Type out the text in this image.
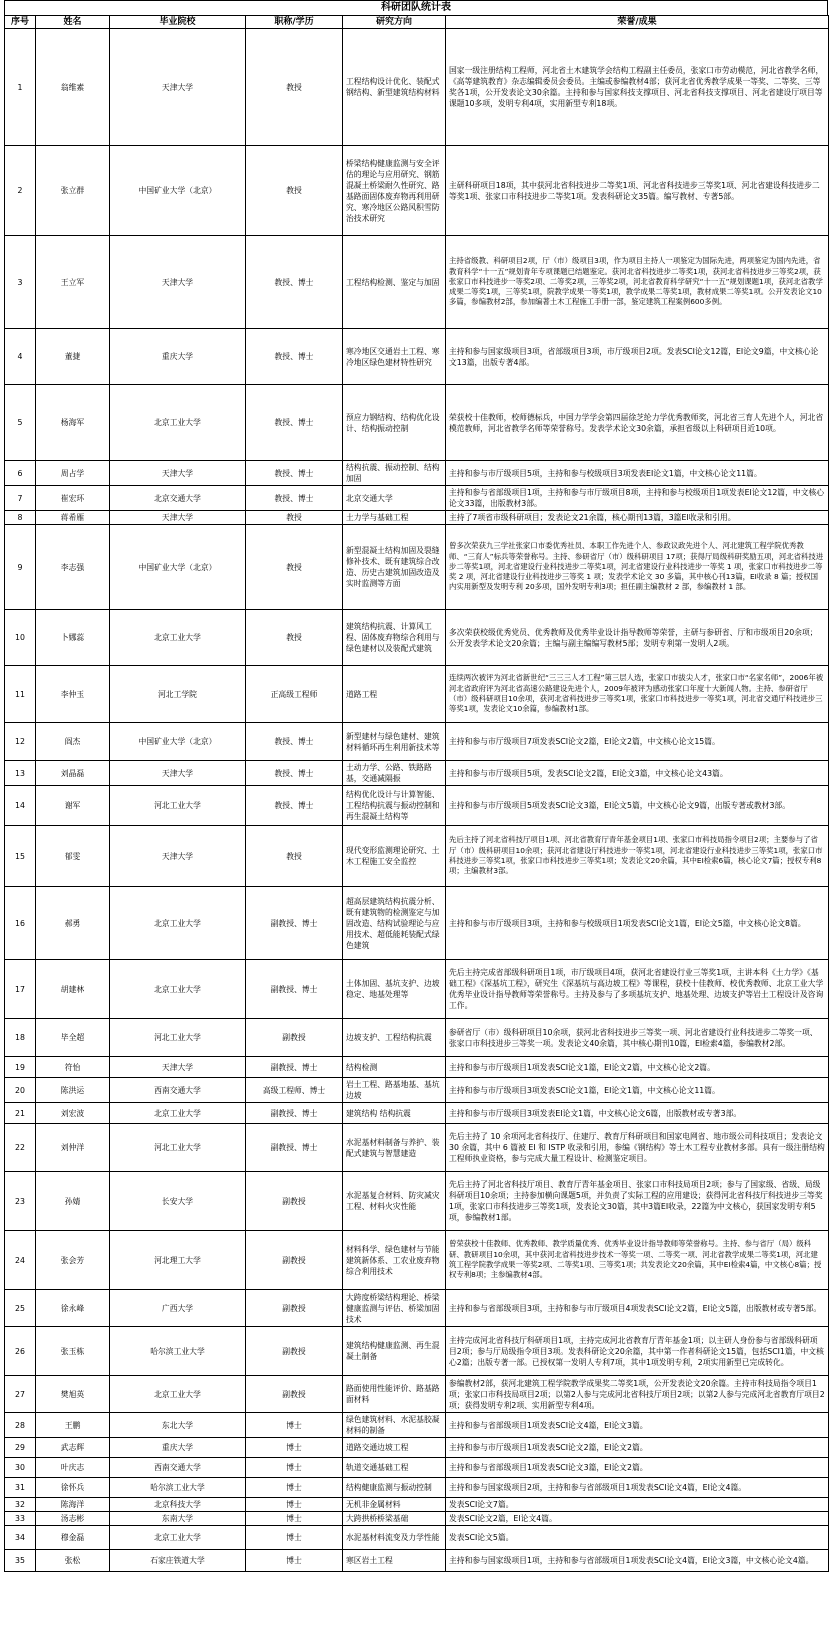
科研团队统计表
序号	姓名	毕业院校	职称/学历	研究方向	荣誉/成果
1	翁维素	天津大学	教授	工程结构设计优化、装配式钢结构、新型建筑结构材料	国家一级注册结构工程师，河北省土木建筑学会结构工程副主任委员，张家口市劳动模范，河北省教学名师，《高等建筑教育》杂志编辑委员会委员。主编或参编教材4部；获河北省优秀教学成果一等奖、二等奖、三等奖各1项，公开发表论文30余篇。主持和参与国家科技支撑项目、河北省科技支撑项目、河北省建设厅项目等课题10多项，发明专利4项，实用新型专利18项。
2	张立群	中国矿业大学（北京）	教授	桥梁结构健康监测与安全评估的理论与应用研究、钢筋混凝土桥梁耐久性研究、路基路面固体废弃物再利用研究、寒冷地区公路风积雪防治技术研究	主研科研项目18项，其中获河北省科技进步二等奖1项、河北省科技进步三等奖1项、河北省建设科技进步二等奖1项、张家口市科技进步二等奖1项。发表科研论文35篇。编写教材、专著5部。
3	王立军	天津大学	教授、博士	工程结构检测、鉴定与加固	主持省级教、科研项目2项，厅（市）级项目3项，作为项目主持人一项鉴定为国际先进，两项鉴定为国内先进，省教育科学“十一五”规划青年专项课题已结题鉴定。获河北省科技进步二等奖1项，获河北省科技进步三等奖2项，获张家口市科技进步一等奖2项、二等奖2项，三等奖2项，河北省教育科学研究“十一五”规划课题1项，获河北省教学成果二等奖1项，三等奖1项，院教学成果一等奖1项，教学成果二等奖1项，教材成果二等奖1项。公开发表论文10多篇，参编教材2部，参加编著土木工程施工手册一部，鉴定建筑工程案例600多例。
4	董捷	重庆大学	教授、博士	寒冷地区交通岩土工程、寒冷地区绿色建材特性研究	主持和参与国家级项目3项，省部级项目3项，市厅级项目2项。发表SCI论文12篇，EI论文9篇，中文核心论文13篇，出版专著4部。
5	杨海军	北京工业大学	教授、博士	预应力钢结构、结构优化设计、结构振动控制	荣获校十佳教师，校师德标兵，中国力学学会第四届徐芝纶力学优秀教师奖，河北省三育人先进个人，河北省模范教师，河北省教学名师等荣誉称号。发表学术论文30余篇，承担省级以上科研项目近10项。
6	周占学	天津大学	教授、博士	结构抗震、振动控制、结构加固	主持和参与市厅级项目5项，主持和参与校级项目3项发表EI论文1篇，中文核心论文11篇。
7	崔宏环	北京交通大学	教授、博士	北京交通大学	主持和参与省部级项目1项，主持和参与市厅级项目8项，主持和参与校级项目1项发表EI论文12篇，中文核心论文33篇，出版教材3部。
8	蒋希雁	天津大学	教授	土力学与基础工程	主持了7项省市级科研项目；发表论文21余篇，核心期刊13篇，3篇EI收录和引用。
9	李志强	中国矿业大学（北京）	教授	新型混凝土结构加固及裂缝修补技术、既有建筑综合改造、历史古建筑加固改造及实时监测等方面	曾多次荣获九三学社张家口市委优秀社员、本职工作先进个人、参政议政先进个人、河北建筑工程学院优秀教师、“三育人”标兵等荣誉称号。主持、参研省厅（市）级科研项目 17项；获得厅局级科研奖励五项，河北省科技进步二等奖1项，河北省建设行业科技进步二等奖1项，河北省建设行业科技进步一等奖 1 项，张家口市科技进步二等奖 2 项，河北省建设行业科技进步三等奖 1 项；发表学术论文 30 多篇，其中核心刊13篇，EI收录 8 篇；授权国内实用新型及发明专利 20多项，国外发明专利3项；担任副主编教材 2 部，参编教材 1 部。
10	卜娜蕊	北京工业大学	教授	建筑结构抗震、计算风工程、固体废弃物综合利用与绿色建材以及装配式建筑	多次荣获校级优秀党员、优秀教师及优秀毕业设计指导教师等荣誉，主研与参研省、厅和市级项目20余项；公开发表学术论文20余篇；主编与副主编编写教材5部；发明专利第一发明人2项。
11	李仲玉	河北工学院	正高级工程师	道路工程	连续两次被评为河北省新世纪“三三三人才工程”第三层人选，张家口市拔尖人才，张家口市“名家名师”，2006年被河北省政府评为河北省高速公路建设先进个人，2009年被评为感动张家口年度十大新闻人物。主持、参研省厅（市）级科研项目10余项，获河北省科技进步三等奖1项，张家口市科技进步一等奖1项，河北省交通厅科技进步三等奖1项，发表论文10余篇，参编教材1部。
12	阎杰	中国矿业大学（北京）	教授、博士	新型建材与绿色建材、建筑材料循环再生利用新技术等	主持和参与市厅级项目7项发表SCI论文2篇，EI论文2篇，中文核心论文15篇。
13	刘晶磊	天津大学	教授、博士	土动力学、公路、铁路路基，交通减隔振	主持和参与市厅级项目5项，发表SCI论文2篇，EI论文3篇，中文核心论文43篇。
14	谢军	河北工业大学	教授、博士	结构优化设计与计算智能、工程结构抗震与振动控制和再生混凝土结构等	主持和参与市厅级项目5项发表SCI论文3篇，EI论文5篇，中文核心论文9篇，出版专著或教材3部。
15	郁雯	天津大学	教授	现代变形监测理论研究、土木工程施工安全监控	先后主持了河北省科技厅项目1项、河北省教育厅青年基金项目1项、张家口市科技局指令项目2项；主要参与了省厅（市）级科研项目10余项；获河北省建设厅科技进步一等奖1项，河北省建设行业科技进步三等奖1项，张家口市科技进步三等奖1项，张家口市科技进步三等奖1项；发表论文20余篇，其中EI检索6篇，核心论文7篇；授权专利8项；主编教材3部。
16	郝勇	北京工业大学	副教授、博士	超高层建筑结构抗震分析、既有建筑物的检测鉴定与加固改造、结构试验理论与应用技术、超低能耗装配式绿色建筑	主持和参与市厅级项目3项，主持和参与校级项目1项发表SCI论文1篇，EI论文5篇，中文核心论文8篇。
17	胡建林	北京工业大学	副教授、博士	土体加固、基坑支护、边坡稳定、地基处理等	先后主持完成省部级科研项目1项，市厅级项目4项，获河北省建设行业三等奖1项，主讲本科《土力学》《基础工程》《深基坑工程》，研究生《深基坑与高边坡工程》等课程，获校十佳教师、校优秀教师、北京工业大学优秀毕业设计指导教师等荣誉称号。主持及参与了多项基坑支护、地基处理、边坡支护等岩土工程设计及咨询工作。
18	毕全超	河北工业大学	副教授	边坡支护、工程结构抗震	参研省厅（市）级科研项目10余项，获河北省科技进步三等奖一项、河北省建设行业科技进步二等奖一项、张家口市科技进步三等奖一项。发表论文40余篇，其中核心期刊10篇，EI检索4篇，参编教材2部。
19	符怡	天津大学	副教授、博士	结构检测	主持和参与市厅级项目1项发表SCI论文1篇，EI论文2篇，中文核心论文2篇。
20	陈洪运	西南交通大学	高级工程师、博士	岩土工程、路基地基、基坑边坡	主持和参与市厅级项目3项发表SCI论文1篇，EI论文1篇，中文核心论文11篇。
21	刘宏波	北京工业大学	副教授、博士	建筑结构 结构抗震	主持和参与市厅级项目3项发表EI论文1篇，中文核心论文6篇，出版教材或专著3部。
22	刘仲洋	河北工业大学	副教授、博士	水泥基材料制备与养护、装配式建筑与智慧建造	先后主持了 10 余项河北省科技厅、住建厅、教育厅科研项目和国家电网省、地市级公司科技项目；发表论文 30 余篇，其中 6 篇被 EI 和 ISTP 收录和引用，参编《钢结构》等土木工程专业教材多部。具有一级注册结构工程师执业资格，参与完成大量工程设计、检测鉴定项目。
23	孙婧	长安大学	副教授	水泥基复合材料、防灾减灾工程、材料火灾性能	先后主持了河北省科技厅项目、教育厅青年基金项目、张家口市科技局项目2项；参与了国家级、省级、局级科研项目10余项；主持参加横向课题5项，并负责了实际工程的应用建设；获得河北省科技厅科技进步三等奖1项，张家口市科技进步三等奖1项，发表论文30篇，其中3篇EI收录，22篇为中文核心，获国家发明专利5项，参编教材1部。
24	张会芳	河北理工大学	副教授	材料科学、绿色建材与节能建筑新体系、工农业废弃物综合利用技术	曾荣获校十佳教师、优秀教师、教学质量优秀、优秀毕业设计指导教师等荣誉称号。主持、参与省厅（局）级科研、教研项目10余项，其中获河北省科技进步技术一等奖一项、二等奖一项、河北省教学成果二等奖1项，河北建筑工程学院教学成果一等奖2项、二等奖1项、三等奖1项；共发表论文20余篇，其中EI检索4篇，中文核心8篇；授权专利8项；主参编教材4部。
25	徐永峰	广西大学	副教授	大跨度桥梁结构理论、桥梁健康监测与评估、桥梁加固技术	主持和参与省部级项目3项，主持和参与市厅级项目4项发表SCI论文2篇，EI论文5篇，出版教材或专著5部。
26	张玉栋	哈尔滨工业大学	副教授	建筑结构健康监测、再生混凝土制备	主持完成河北省科技厅科研项目1项，主持完成河北省教育厅青年基金1项；以主研人身份参与省部级科研项目2项；参与厅局级指令项目3项。发表科研论文20余篇，其中第一作者科研论文15篇，包括SCI1篇，中文核心2篇；出版专著一部。已授权第一发明人专利7项，其中1项发明专利，2项实用新型已完成转化。
27	樊旭英	北京工业大学	副教授	路面使用性能评价、路基路面材料	参编教材2部，获河北建筑工程学院教学成果奖二等奖1项，公开发表论文20余篇。主持市科技局指令项目1项；张家口市科技局项目2项；以第2人参与完成河北省科技厅项目2项；以第2人参与完成河北省教育厅项目2项；获得发明专利2项、实用新型专利4项。
28	王鹏	东北大学	博士	绿色建筑材料、水泥基胶凝材料的制备	主持和参与省部级项目1项发表SCI论文4篇，EI论文3篇。
29	武志辉	重庆大学	博士	道路交通边坡工程	主持和参与市厅级项目1项发表SCI论文2篇，EI论文2篇。
30	叶庆志	西南交通大学	博士	轨道交通基础工程	主持和参与省部级项目1项发表SCI论文3篇，EI论文2篇。
31	徐怀兵	哈尔滨工业大学	博士	结构健康监测与振动控制	主持和参与国家级项目2项，主持和参与省部级项目1项发表SCI论文4篇，EI论文4篇。
32	陈海洋	北京科技大学	博士	无机非金属材料	发表SCI论文7篇。
33	汤志彬	东南大学	博士	大跨拱桥桥梁基础	发表SCI论文2篇，EI论文4篇。
34	穆金磊	北京工业大学	博士	水泥基材料流变及力学性能	发表SCI论文5篇。
35	张松	石家庄铁道大学	博士	寒区岩土工程	主持和参与国家级项目1项，主持和参与省部级项目1项发表SCI论文4篇，EI论文3篇，中文核心论文4篇。
